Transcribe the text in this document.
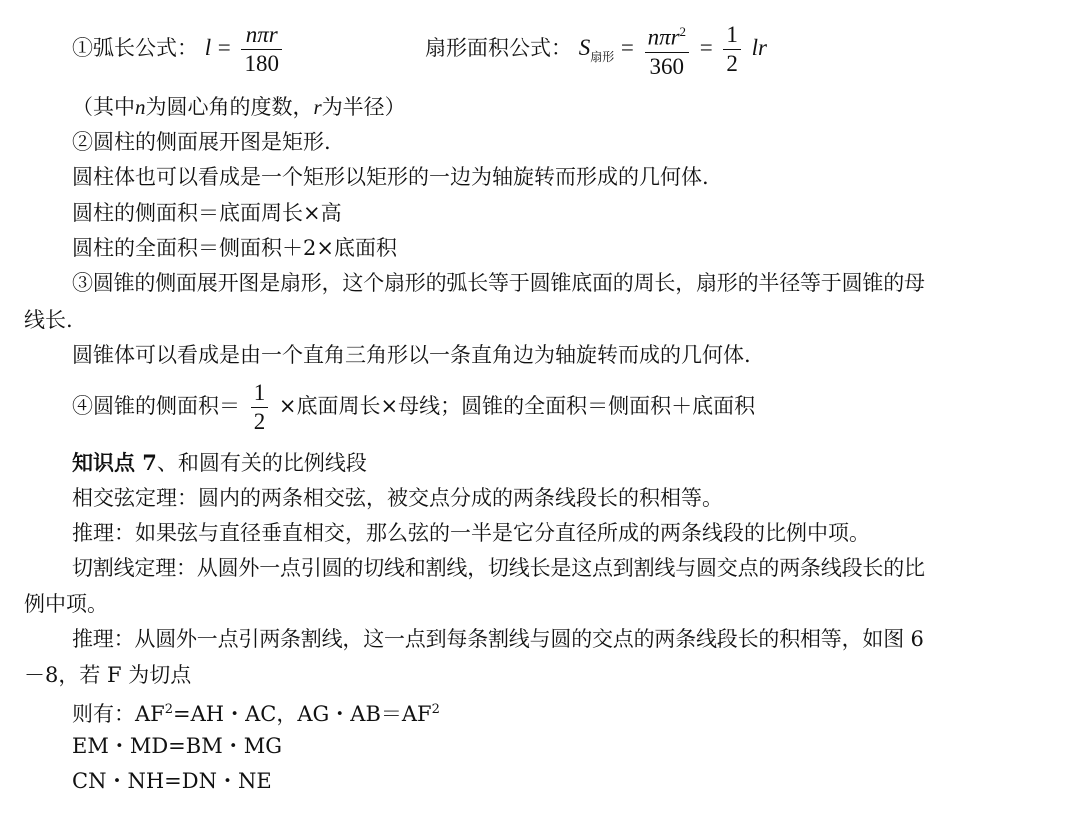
①弧长公式： $l = \frac{\text{nπr}}{180}$	扇形面积公式： $S_{扇形} = \frac{n\pi r^2}{360} = \frac{1}{2}$ lr
（其中n为圆心角的度数，r为半径）
②圆柱的侧面展开图是矩形.
圆柱体也可以看成是一个矩形以矩形的一边为轴旋转而形成的几何体.
圆柱的侧面积＝底面周长×高
圆柱的全面积＝侧面积＋2×底面积
③圆锥的侧面展开图是扇形，这个扇形的弧长等于圆锥底面的周长，扇形的半径等于圆锥的母
线长.
圆锥体可以看成是由一个直角三角形以一条直角边为轴旋转而成的几何体.
④圆锥的侧面积＝ $\frac{1}{2}$ ×底面周长×母线；圆锥的全面积＝侧面积＋底面积
知识点 7、和圆有关的比例线段
相交弦定理：圆内的两条相交弦，被交点分成的两条线段长的积相等。
推理：如果弦与直径垂直相交，那么弦的一半是它分直径所成的两条线段的比例中项。
切割线定理：从圆外一点引圆的切线和割线，切线长是这点到割线与圆交点的两条线段长的比
例中项。
推理：从圆外一点引两条割线，这一点到每条割线与圆的交点的两条线段长的积相等，如图 6
－8，若 F 为切点
则有：$AF^2=AH$・AC，AG・$AB=AF^2$
EM・MD=BM・MG
CN・NH=DN・NE
